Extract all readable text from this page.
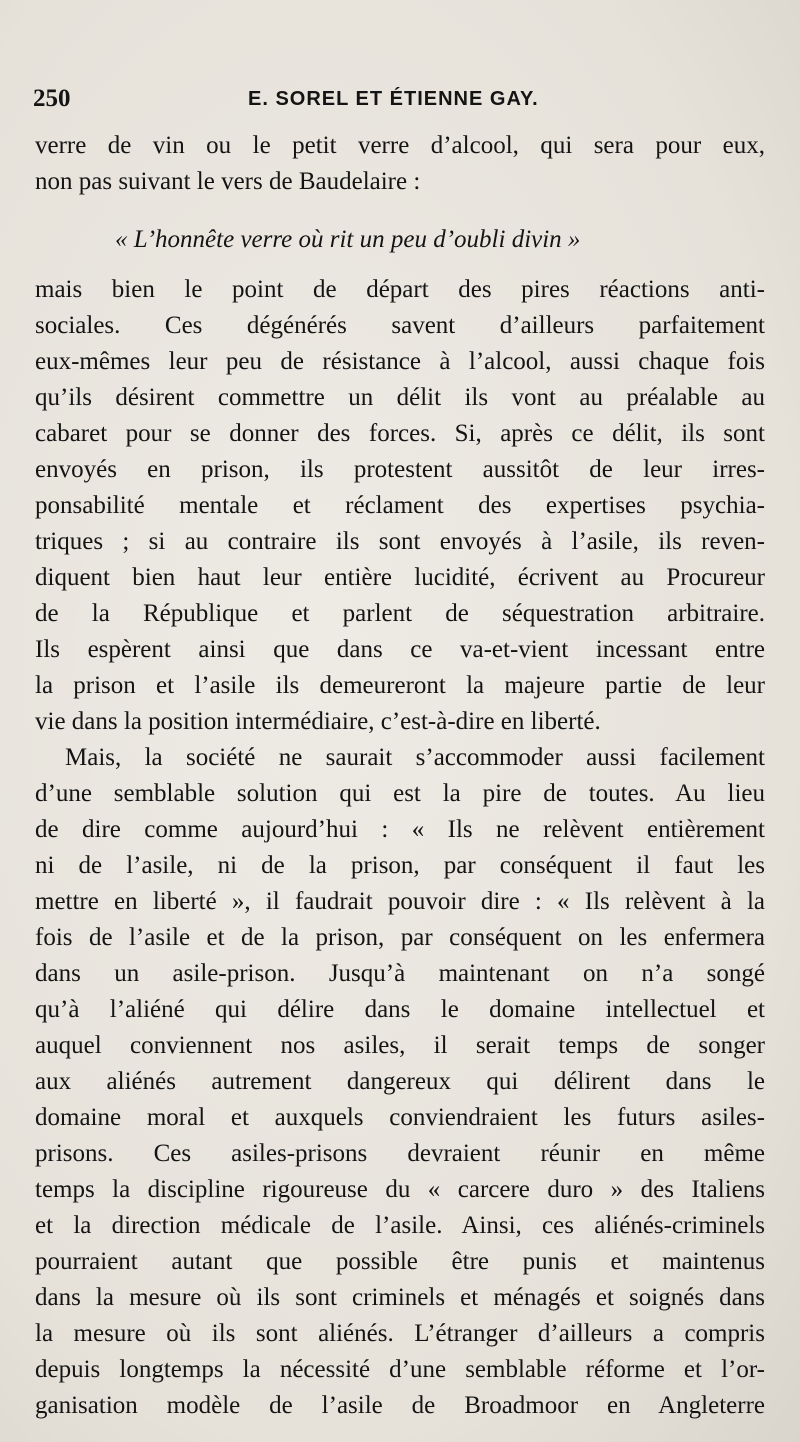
250	E. SOREL ET ÉTIENNE GAY.
verre de vin ou le petit verre d’alcool, qui sera pour eux,
non pas suivant le vers de Baudelaire :
« L’honnête verre où rit un peu d’oubli divin »
mais bien le point de départ des pires réactions anti-
sociales. Ces dégénérés savent d’ailleurs parfaitement
eux-mêmes leur peu de résistance à l’alcool, aussi chaque fois
qu’ils désirent commettre un délit ils vont au préalable au
cabaret pour se donner des forces. Si, après ce délit, ils sont
envoyés en prison, ils protestent aussitôt de leur irres-
ponsabilité mentale et réclament des expertises psychia-
triques ; si au contraire ils sont envoyés à l’asile, ils reven-
diquent bien haut leur entière lucidité, écrivent au Procureur
de la République et parlent de séquestration arbitraire.
Ils espèrent ainsi que dans ce va-et-vient incessant entre
la prison et l’asile ils demeureront la majeure partie de leur
vie dans la position intermédiaire, c’est-à-dire en liberté.
Mais, la société ne saurait s’accommoder aussi facilement
d’une semblable solution qui est la pire de toutes. Au lieu
de dire comme aujourd’hui : « Ils ne relèvent entièrement
ni de l’asile, ni de la prison, par conséquent il faut les
mettre en liberté », il faudrait pouvoir dire : « Ils relèvent à la
fois de l’asile et de la prison, par conséquent on les enfermera
dans un asile-prison. Jusqu’à maintenant on n’a songé
qu’à l’aliéné qui délire dans le domaine intellectuel et
auquel conviennent nos asiles, il serait temps de songer
aux aliénés autrement dangereux qui délirent dans le
domaine moral et auxquels conviendraient les futurs asiles-
prisons. Ces asiles-prisons devraient réunir en même
temps la discipline rigoureuse du « carcere duro » des Italiens
et la direction médicale de l’asile. Ainsi, ces aliénés-criminels
pourraient autant que possible être punis et maintenus
dans la mesure où ils sont criminels et ménagés et soignés dans
la mesure où ils sont aliénés. L’étranger d’ailleurs a compris
depuis longtemps la nécessité d’une semblable réforme et l’or-
ganisation modèle de l’asile de Broadmoor en Angleterre
